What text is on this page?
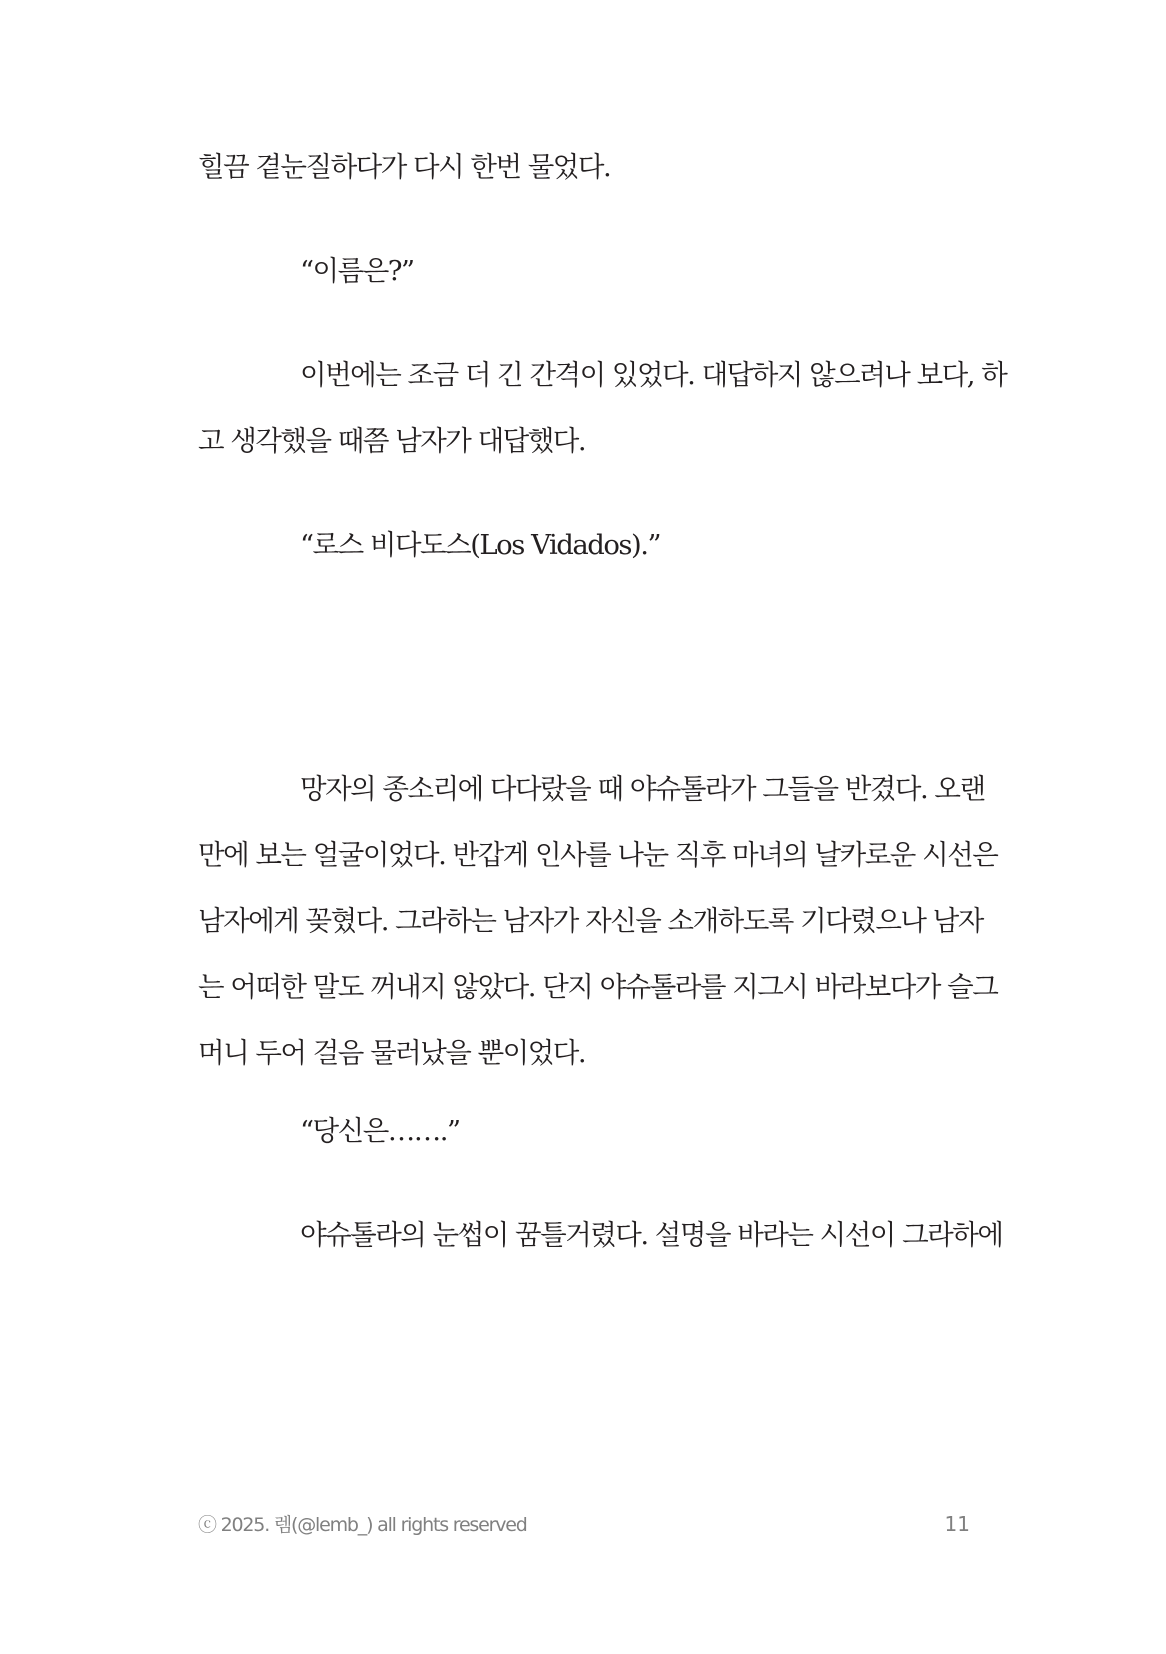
힐끔 곁눈질하다가 다시 한번 물었다.
“이름은?”
이번에는 조금 더 긴 간격이 있었다. 대답하지 않으려나 보다, 하
고 생각했을 때쯤 남자가 대답했다.
“로스 비다도스(Los Vidados).”
망자의 종소리에 다다랐을 때 야슈톨라가 그들을 반겼다. 오랜
만에 보는 얼굴이었다. 반갑게 인사를 나눈 직후 마녀의 날카로운 시선은
남자에게 꽂혔다. 그라하는 남자가 자신을 소개하도록 기다렸으나 남자
는 어떠한 말도 꺼내지 않았다. 단지 야슈톨라를 지그시 바라보다가 슬그
머니 두어 걸음 물러났을 뿐이었다.
“당신은…….”
야슈톨라의 눈썹이 꿈틀거렸다. 설명을 바라는 시선이 그라하에
ⓒ 2025. 렘(@lemb_) all rights reserved	11
